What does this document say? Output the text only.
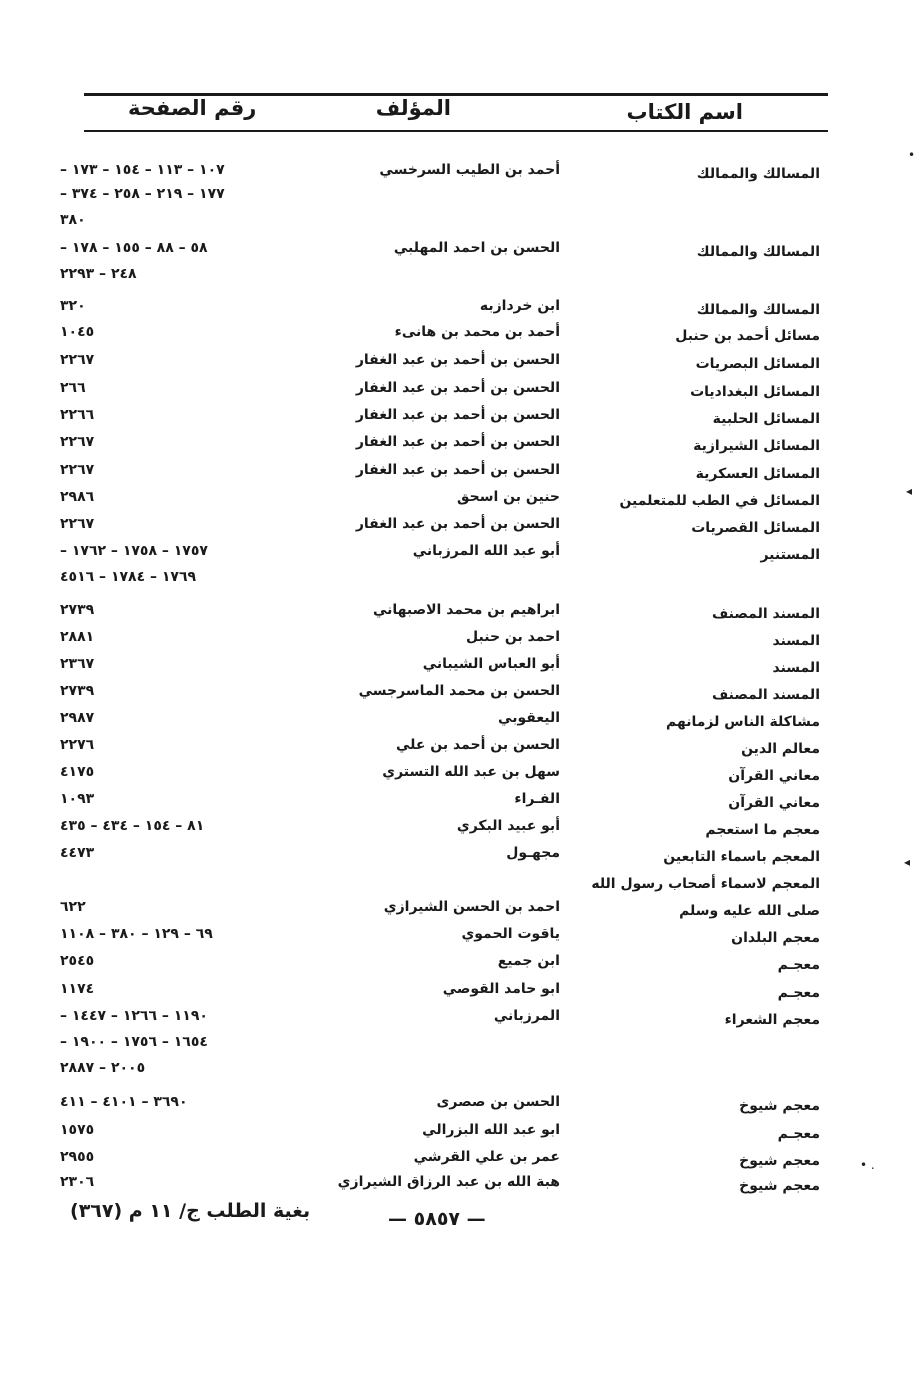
اسم الكتاب
المؤلف
رقم الصفحة
المسالك والممالك
أحمد بن الطيب السرخسي
١٠٧ – ١١٣ – ١٥٤ – ١٧٣ –
١٧٧ – ٢١٩ – ٢٥٨ – ٣٧٤ –
٣٨٠
المسالك والممالك
الحسن بن احمد المهلبي
٥٨ – ٨٨ – ١٥٥ – ١٧٨ –
٢٤٨ – ٢٢٩٣
المسالك والممالك
ابن خردازبه
٣٢٠
مسائل أحمد بن حنبل
أحمد بن محمد بن هانىء
١٠٤٥
المسائل البصريات
الحسن بن أحمد بن عبد الغفار
٢٢٦٧
المسائل البغداديات
الحسن بن أحمد بن عبد الغفار
٢٦٦
المسائل الحلبية
الحسن بن أحمد بن عبد الغفار
٢٢٦٦
المسائل الشيرازية
الحسن بن أحمد بن عبد الغفار
٢٢٦٧
المسائل العسكرية
الحسن بن أحمد بن عبد الغفار
٢٢٦٧
المسائل في الطب للمتعلمين
حنين بن اسحق
٢٩٨٦
المسائل القصريات
الحسن بن أحمد بن عبد الغفار
٢٢٦٧
المستنير
أبو عبد الله المرزباني
١٧٥٧ – ١٧٥٨ – ١٧٦٢ –
١٧٦٩ – ١٧٨٤ – ٤٥١٦
المسند المصنف
ابراهيم بن محمد الاصبهاني
٢٧٣٩
المسند
احمد بن حنبل
٢٨٨١
المسند
أبو العباس الشيباني
٢٣٦٧
المسند المصنف
الحسن بن محمد الماسرجسي
٢٧٣٩
مشاكلة الناس لزمانهم
اليعقوبي
٢٩٨٧
معالم الدين
الحسن بن أحمد بن علي
٢٢٧٦
معاني القرآن
سهل بن عبد الله التستري
٤١٧٥
معاني القرآن
الفـراء
١٠٩٣
معجم ما استعجم
أبو عبيد البكري
٨١ – ١٥٤ – ٤٣٤ – ٤٣٥
المعجم باسماء التابعين
مجهـول
٤٤٧٣
المعجم لاسماء أصحاب رسول الله
صلى الله عليه وسلم
احمد بن الحسن الشيرازي
٦٢٢
معجم البلدان
ياقوت الحموي
٦٩ – ١٢٩ – ٣٨٠ – ١١٠٨
معجـم
ابن جميع
٢٥٤٥
معجـم
ابو حامد القوصي
١١٧٤
معجم الشعراء
المرزباني
١١٩٠ – ١٢٦٦ – ١٤٤٧ –
١٦٥٤ – ١٧٥٦ – ١٩٠٠ –
٢٠٠٥ – ٢٨٨٧
معجم شيوخ
الحسن بن صصرى
٣٦٩٠ – ٤١٠١ – ٤١١
معجـم
ابو عبد الله البزرالي
١٥٧٥
معجم شيوخ
عمر بن علي القرشي
٢٩٥٥
معجم شيوخ
هبة الله بن عبد الرزاق الشيرازي
٢٣٠٦
— ٥٨٥٧ —
بغية الطلب ج/ ١١ م (٣٦٧)
•
◂
◂
• .
